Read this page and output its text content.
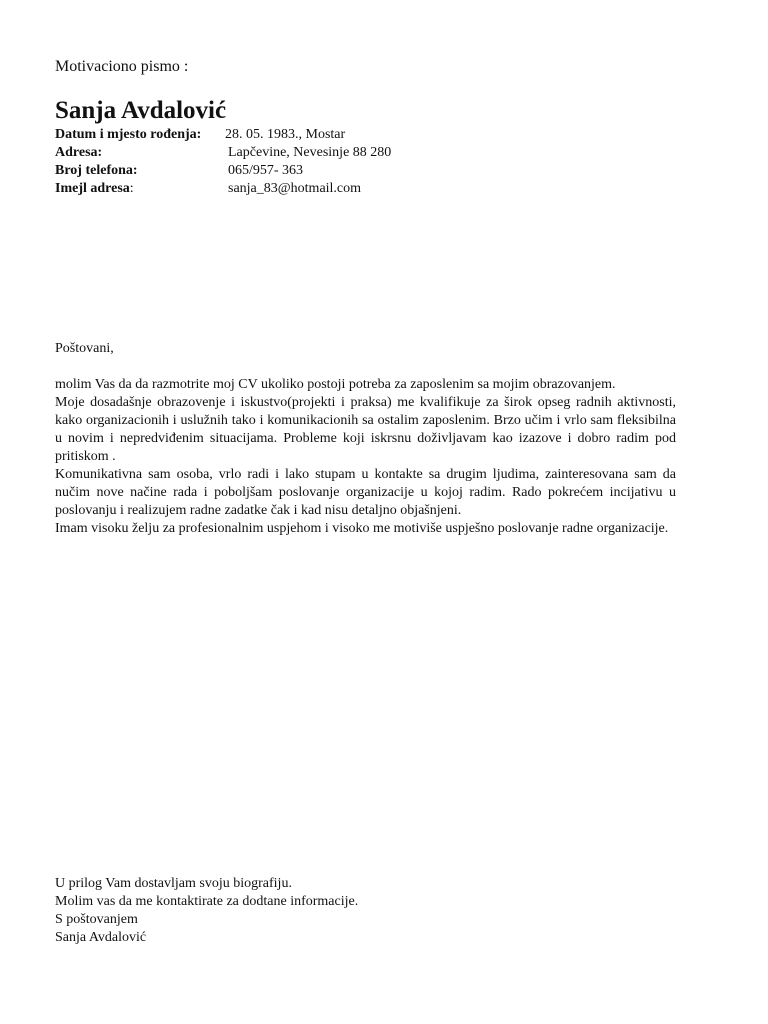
Motivaciono pismo :
Sanja Avdalović
Datum i mjesto rođenja: 28. 05. 1983., Mostar
Adresa:	Lapčevine, Nevesinje 88 280
Broj telefona:	065/957- 363
Imejl adresa:	sanja_83@hotmail.com
Poštovani,

molim Vas da da razmotrite moj CV ukoliko postoji potreba za zaposlenim sa mojim obrazovanjem.

Moje dosadašnje obrazovenje i iskustvo(projekti i praksa) me kvalifikuje za širok opseg radnih aktivnosti, kako organizacionih i uslužnih tako i komunikacionih sa ostalim zaposlenim. Brzo učim i vrlo sam fleksibilna u novim i nepredviđenim situacijama. Probleme koji iskrsnu doživljavam kao izazove i dobro radim pod pritiskom .

Komunikativna sam osoba, vrlo radi i lako stupam u kontakte sa drugim ljudima, zainteresovana sam da nučim nove načine rada i poboljšam poslovanje organizacije u kojoj radim. Rado pokrećem incijativu u poslovanju i realizujem radne zadatke čak i kad nisu detaljno objašnjeni.

Imam visoku želju za profesionalnim uspjehom i visoko me motiviše uspješno poslovanje radne organizacije.

U prilog Vam dostavljam svoju biografiju.
Molim vas da me kontaktirate za dodtane informacije.
S poštovanjem
Sanja Avdalović
